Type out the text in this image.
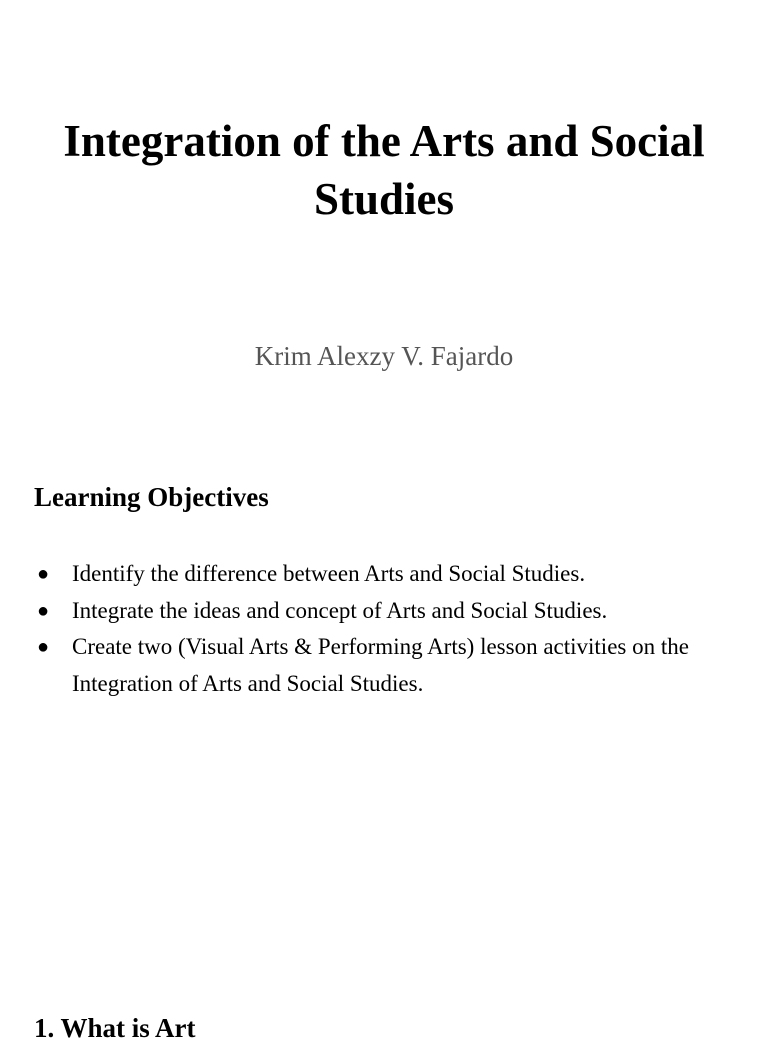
Integration of the Arts and Social Studies
Krim Alexzy V. Fajardo
Learning Objectives
● Identify the difference between Arts and Social Studies.
● Integrate the ideas and concept of Arts and Social Studies.
● Create two (Visual Arts & Performing Arts) lesson activities on the Integration of Arts and Social Studies.
1. What is Art
